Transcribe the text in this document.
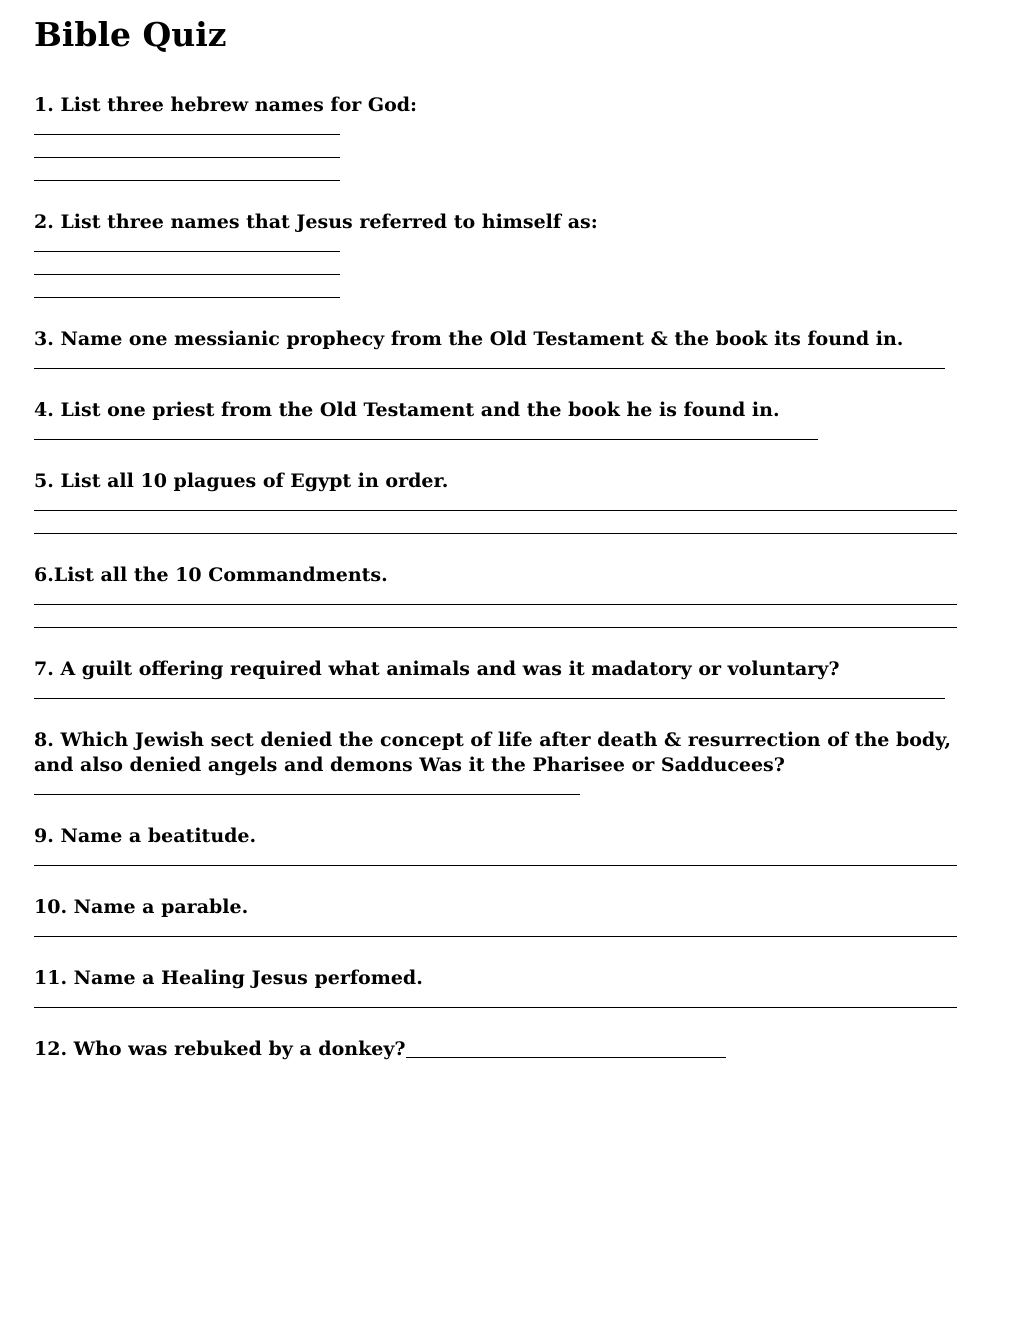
Bible Quiz

1. List three hebrew names for God:

2. List three names that Jesus referred to himself as:

3. Name one messianic prophecy from the Old Testament & the book its found in.

4. List one priest from the Old Testament and the book he is found in.

5. List all 10 plagues of Egypt in order.

6.List all the 10 Commandments.

7. A guilt offering required what animals and was it madatory or voluntary?

8. Which Jewish sect denied the concept of life after death & resurrection of the body, and also denied angels and demons Was it the Pharisee or Sadducees?

9. Name a beatitude.

10. Name a parable.

11. Name a Healing Jesus perfomed.

12. Who was rebuked by a donkey?
